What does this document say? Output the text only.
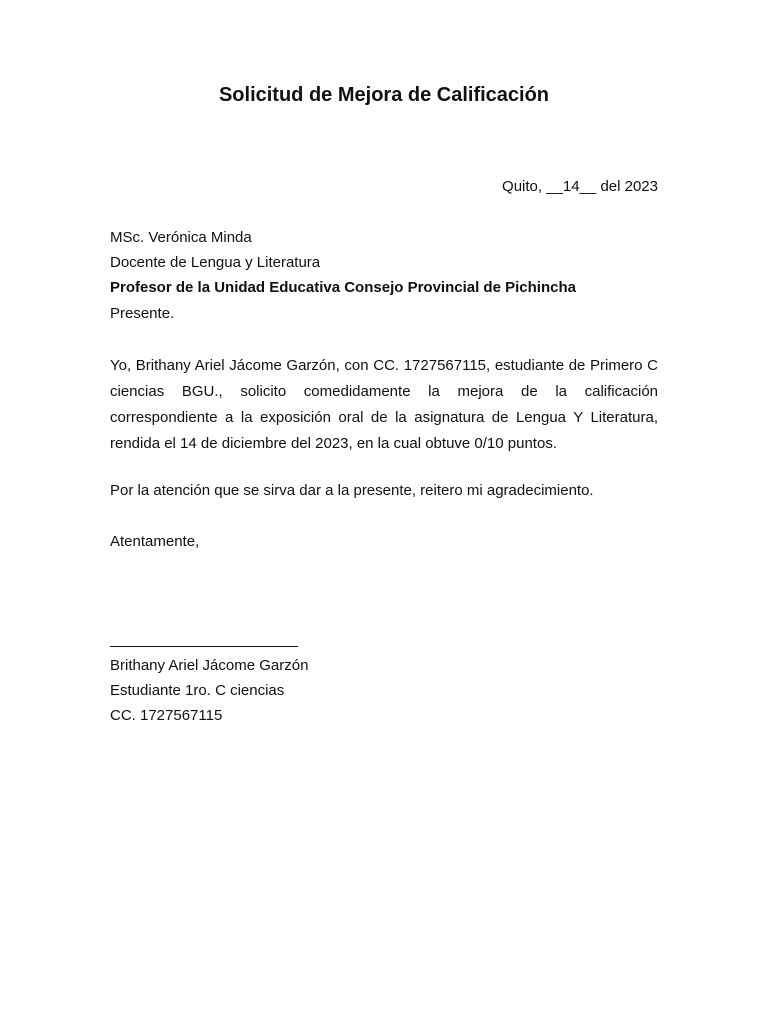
Solicitud de Mejora de Calificación
Quito, __14__ del 2023
MSc. Verónica Minda
Docente de Lengua y Literatura
Profesor de la Unidad Educativa Consejo Provincial de Pichincha
Presente.

Yo, Brithany Ariel Jácome Garzón, con CC. 1727567115, estudiante de Primero C ciencias BGU., solicito comedidamente la mejora de la calificación correspondiente a la exposición oral de la asignatura de Lengua Y Literatura, rendida el 14 de diciembre del 2023, en la cual obtuve 0/10 puntos.

Por la atención que se sirva dar a la presente, reitero mi agradecimiento.
Atentamente,
Brithany Ariel Jácome Garzón
Estudiante 1ro. C ciencias
CC. 1727567115
